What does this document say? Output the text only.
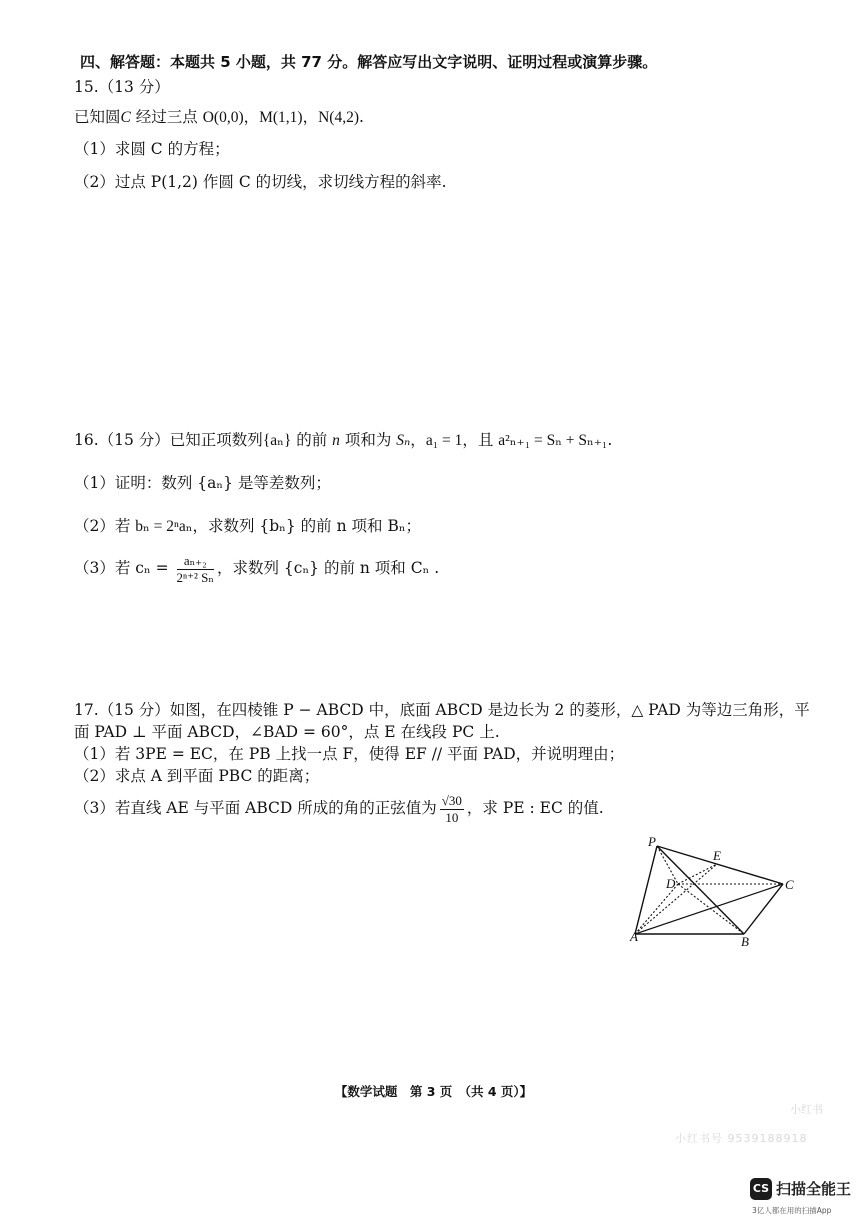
四、解答题：本题共 5 小题，共 77 分。解答应写出文字说明、证明过程或演算步骤。
15.（13 分）
已知圆C 经过三点 O(0,0)，M(1,1)，N(4,2).
（1）求圆 C 的方程；
（2）过点 P(1,2) 作圆 C 的切线，求切线方程的斜率.
16.（15 分）已知正项数列{aₙ} 的前 n 项和为 Sₙ，a₁ = 1，且 a²ₙ₊₁ = Sₙ + Sₙ₊₁.
（1）证明：数列 {aₙ} 是等差数列；
（2）若 bₙ = 2ⁿaₙ，求数列 {bₙ} 的前 n 项和 Bₙ；
（3）若 $c_n = \frac{\text{aₙ₊₂}}{\text{2ⁿ⁺² Sₙ}}$ ，求数列 {cₙ} 的前 n 项和 Cₙ .
17.（15 分）如图，在四棱锥 P − ABCD 中，底面 ABCD 是边长为 2 的菱形，△ PAD 为等边三角形，平
面 PAD ⊥ 平面 ABCD，∠BAD = 60°，点 E 在线段 PC 上.
（1）若 3PE = EC，在 PB 上找一点 F，使得 EF // 平面 PAD，并说明理由；
（2）求点 A 到平面 PBC 的距离；
（3）若直线 AE 与平面 ABCD 所成的角的正弦值为 $\frac{√30}{10}$ ，求 PE : EC 的值.
P
E
D	C
A	B
【数学试题　第 3 页　（共 4 页）】
小红书
小红书号 9539188918
CS 扫描全能王
3亿人都在用的扫描App
